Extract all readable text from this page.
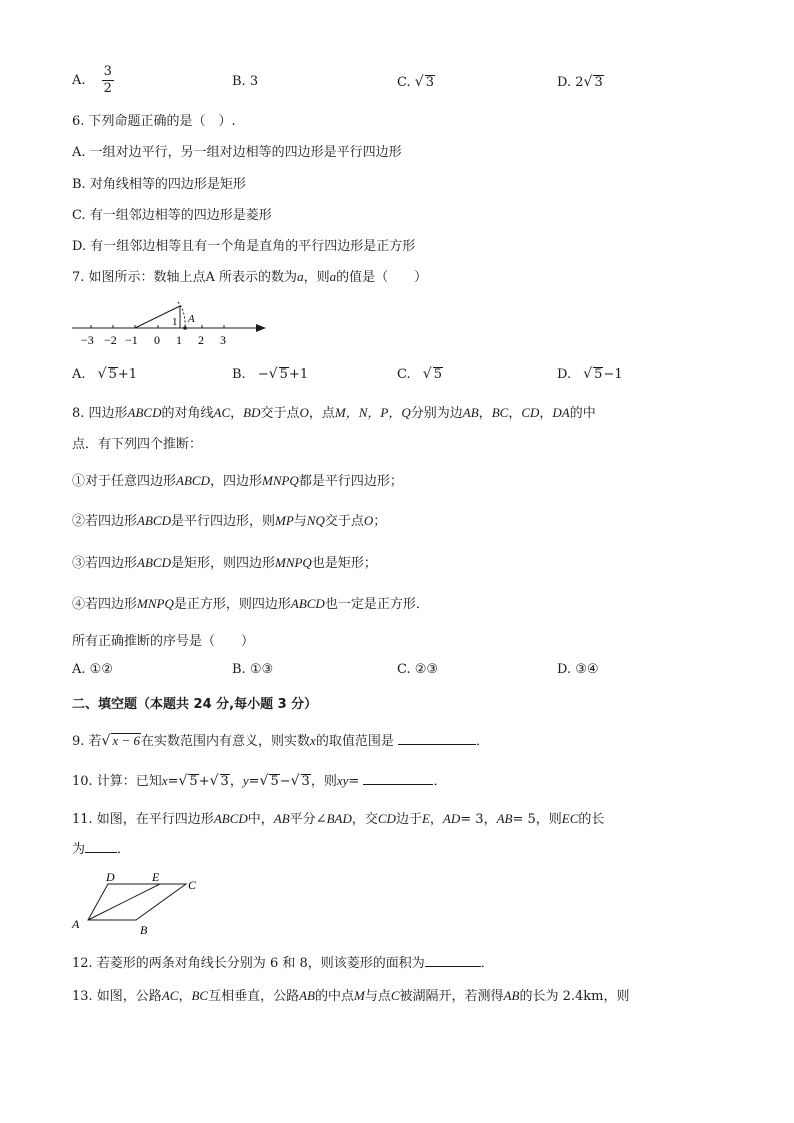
A. $\frac{3}{2}$	B. 3	C. √ 3	D. 2√ 3
6. 下列命题正确的是（　）.
A. 一组对边平行，另一组对边相等的四边形是平行四边形
B. 对角线相等的四边形是矩形
C. 有一组邻边相等的四边形是菱形
D. 有一组邻边相等且有一个角是直角的平行四边形是正方形
7. 如图所示：数轴上点A 所表示的数为a，则a的值是（　　）
1 A
−3 −2 −1 0 1 2 3
A. √ 5+1	B. −√ 5+1	C. √ 5	D. √ 5−1
8. 四边形ABCD的对角线AC，BD交于点O，点M，N，P，Q分别为边AB，BC，CD，DA的中
点．有下列四个推断：
①对于任意四边形ABCD，四边形MNPQ都是平行四边形；
②若四边形ABCD是平行四边形，则MP与NQ交于点O；
③若四边形ABCD是矩形，则四边形MNPQ也是矩形；
④若四边形MNPQ是正方形，则四边形ABCD也一定是正方形．
所有正确推断的序号是（　　）
A. ①②	B. ①③	C. ②③	D. ③④
二、填空题（本题共 24 分,每小题 3 分）
9. 若√ x − 6在实数范围内有意义，则实数x的取值范围是	．
10. 计算：已知x=√ 5+√ 3，y=√ 5−√ 3，则xy=	．
11. 如图，在平行四边形ABCD中，AB平分∠BAD，交CD边于E，AD= 3，AB= 5，则EC的长
为 ．
D	E
C
A	B
12. 若菱形的两条对角线长分别为 6 和 8，则该菱形的面积为	．
13. 如图，公路AC，BC互相垂直，公路AB的中点M与点C被湖隔开，若测得AB的长为 2.4km，则
